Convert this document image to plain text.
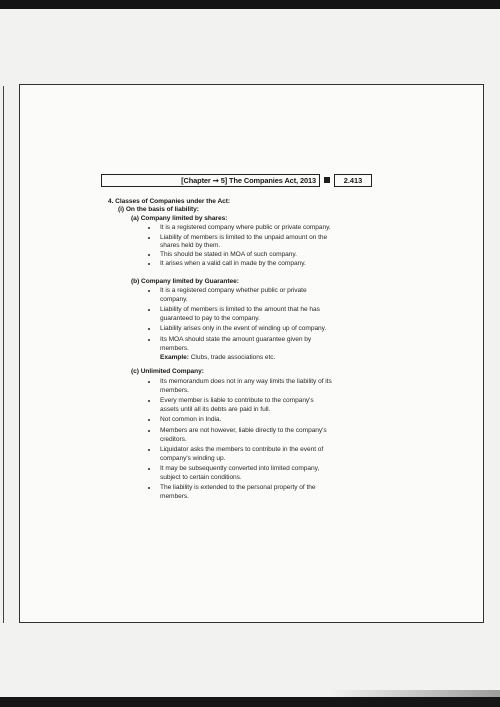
[Chapter ➞ 5] The Companies Act, 2013	2.413
4. Classes of Companies under the Act:
(i) On the basis of liability:
(a) Company limited by shares:
It is a registered company where public or private company.
Liability of members is limited to the unpaid amount on the
shares held by them.
This should be stated in MOA of such company.
It arises when a valid call in made by the company.
(b) Company limited by Guarantee:
It is a registered company whether public or private
company.
Liability of members is limited to the amount that he has
guaranteed to pay to the company.
Liability arises only in the event of winding up of company.
Its MOA should state the amount guarantee given by
members.
Example: Clubs, trade associations etc.
(c) Unlimited Company:
Its memorandum does not in any way limits the liability of its
members.
Every member is liable to contribute to the company's
assets until all its debts are paid in full.
Not common in India.
Members are not however, liable directly to the company's
creditors.
Liquidator asks the members to contribute in the event of
company's winding up.
It may be subsequently converted into limited company,
subject to certain conditions.
The liability is extended to the personal property of the
members.
